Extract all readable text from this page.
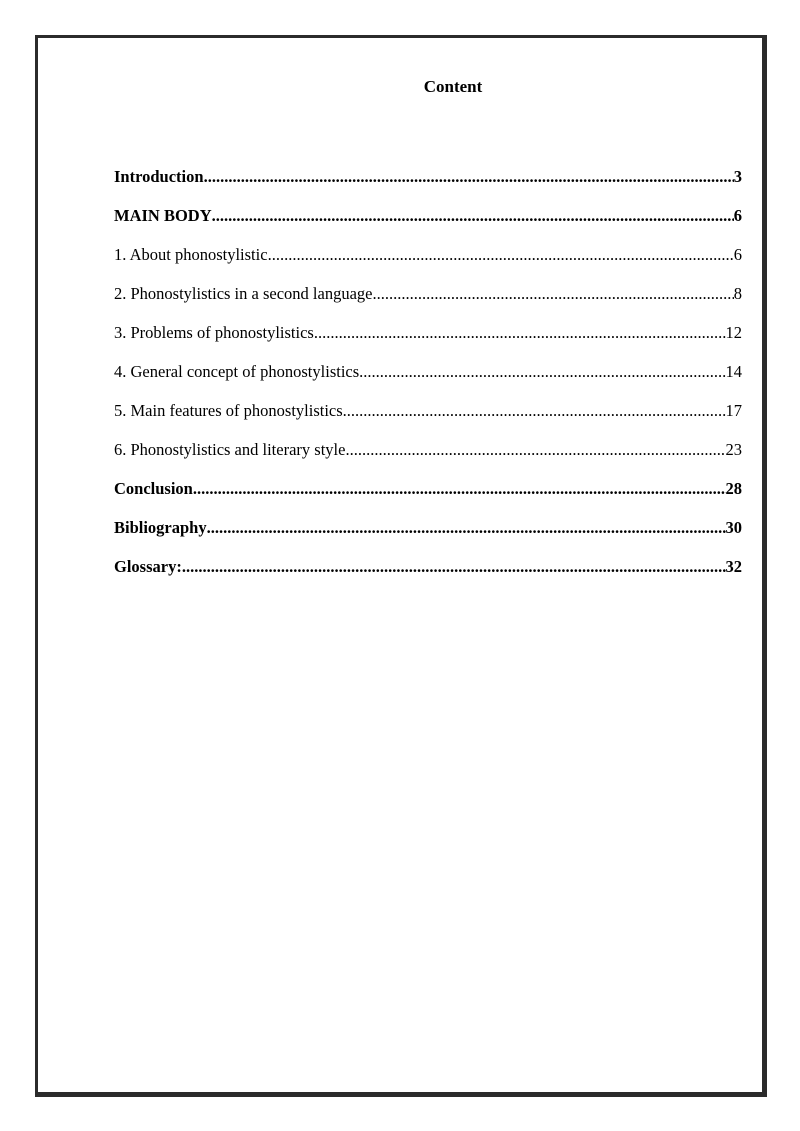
Content
Introduction .....	3
MAIN BODY .....	6
1. About phonostylistic .....	6
2. Phonostylistics in a second language .....	8
3. Problems of phonostylistics .....	12
4. General concept of phonostylistics .....	14
5. Main features of phonostylistics .....	17
6. Phonostylistics and literary style .....	23
Conclusion .....	28
Bibliography .....	30
Glossary: .....	32
